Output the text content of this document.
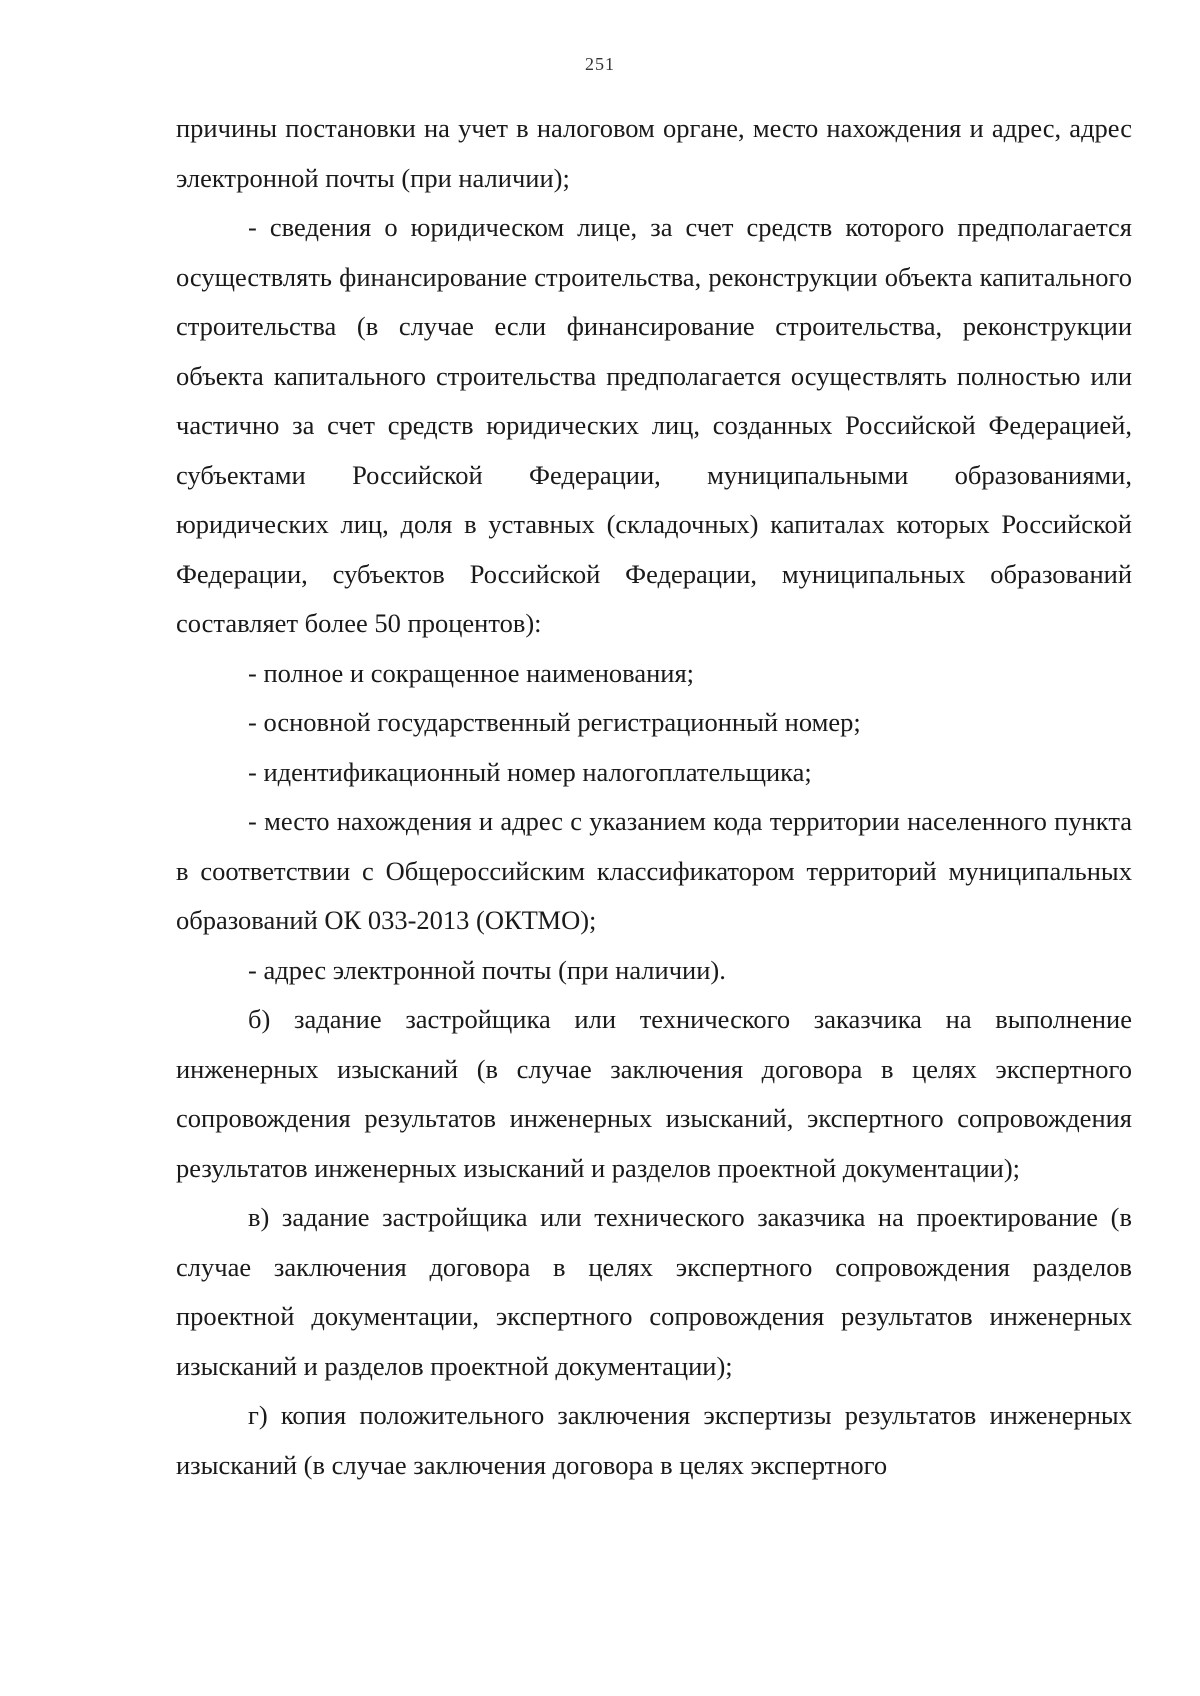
251

причины постановки на учет в налоговом органе, место нахождения и адрес, адрес электронной почты (при наличии);

- сведения о юридическом лице, за счет средств которого предполагается осуществлять финансирование строительства, реконструкции объекта капитального строительства (в случае если финансирование строительства, реконструкции объекта капитального строительства предполагается осуществлять полностью или частично за счет средств юридических лиц, созданных Российской Федерацией, субъектами Российской Федерации, муниципальными образованиями, юридических лиц, доля в уставных (складочных) капиталах которых Российской Федерации, субъектов Российской Федерации, муниципальных образований составляет более 50 процентов):

- полное и сокращенное наименования;

- основной государственный регистрационный номер;

- идентификационный номер налогоплательщика;

- место нахождения и адрес с указанием кода территории населенного пункта в соответствии с Общероссийским классификатором территорий муниципальных образований ОК 033-2013 (ОКТМО);

- адрес электронной почты (при наличии).

б) задание застройщика или технического заказчика на выполнение инженерных изысканий (в случае заключения договора в целях экспертного сопровождения результатов инженерных изысканий, экспертного сопровождения результатов инженерных изысканий и разделов проектной документации);

в) задание застройщика или технического заказчика на проектирование (в случае заключения договора в целях экспертного сопровождения разделов проектной документации, экспертного сопровождения результатов инженерных изысканий и разделов проектной документации);

г) копия положительного заключения экспертизы результатов инженерных изысканий (в случае заключения договора в целях экспертного
